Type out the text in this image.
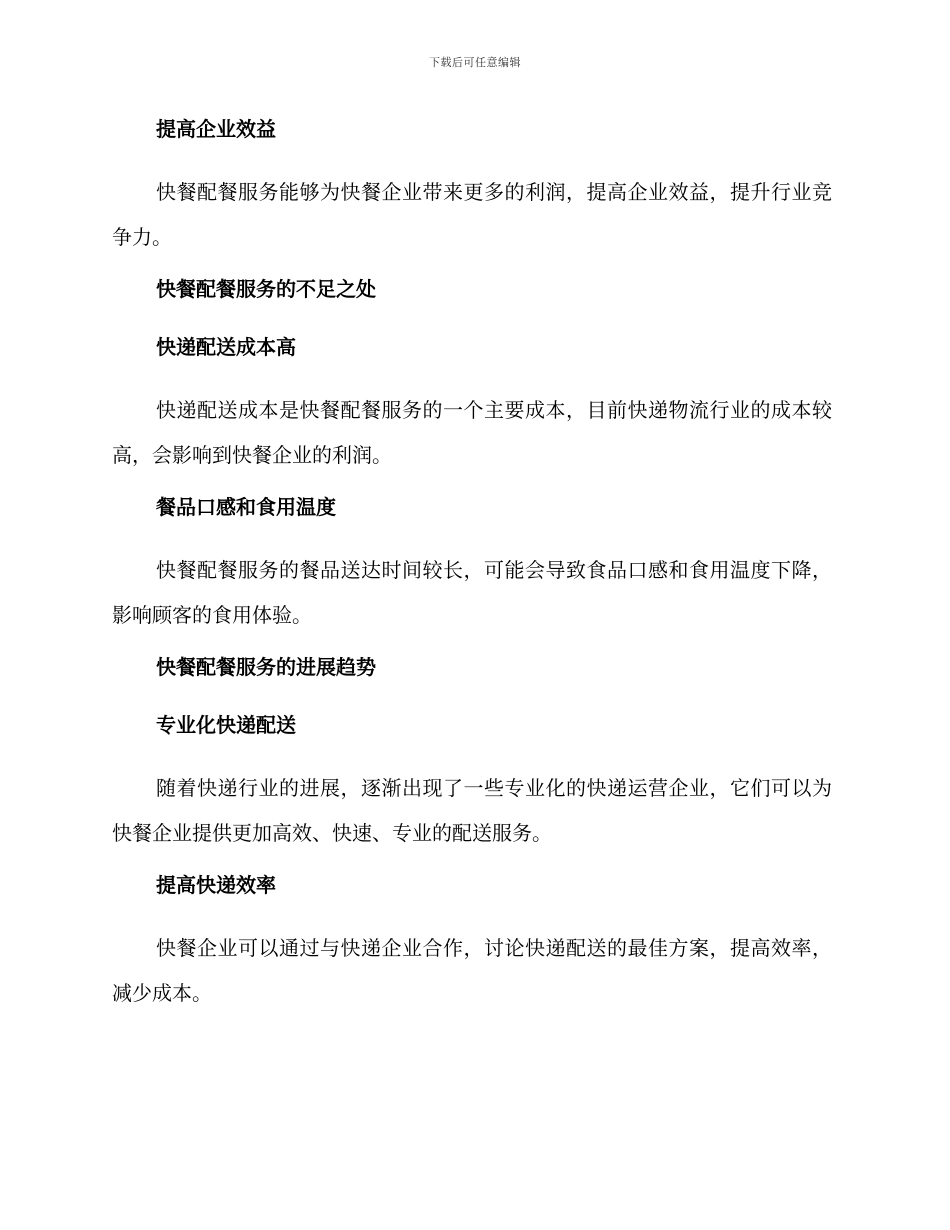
下载后可任意编辑
提高企业效益
快餐配餐服务能够为快餐企业带来更多的利润，提高企业效益，提升行业竞争力。
快餐配餐服务的不足之处
快递配送成本高
快递配送成本是快餐配餐服务的一个主要成本，目前快递物流行业的成本较高，会影响到快餐企业的利润。
餐品口感和食用温度
快餐配餐服务的餐品送达时间较长，可能会导致食品口感和食用温度下降，影响顾客的食用体验。
快餐配餐服务的进展趋势
专业化快递配送
随着快递行业的进展，逐渐出现了一些专业化的快递运营企业，它们可以为快餐企业提供更加高效、快速、专业的配送服务。
提高快递效率
快餐企业可以通过与快递企业合作，讨论快递配送的最佳方案，提高效率，减少成本。
